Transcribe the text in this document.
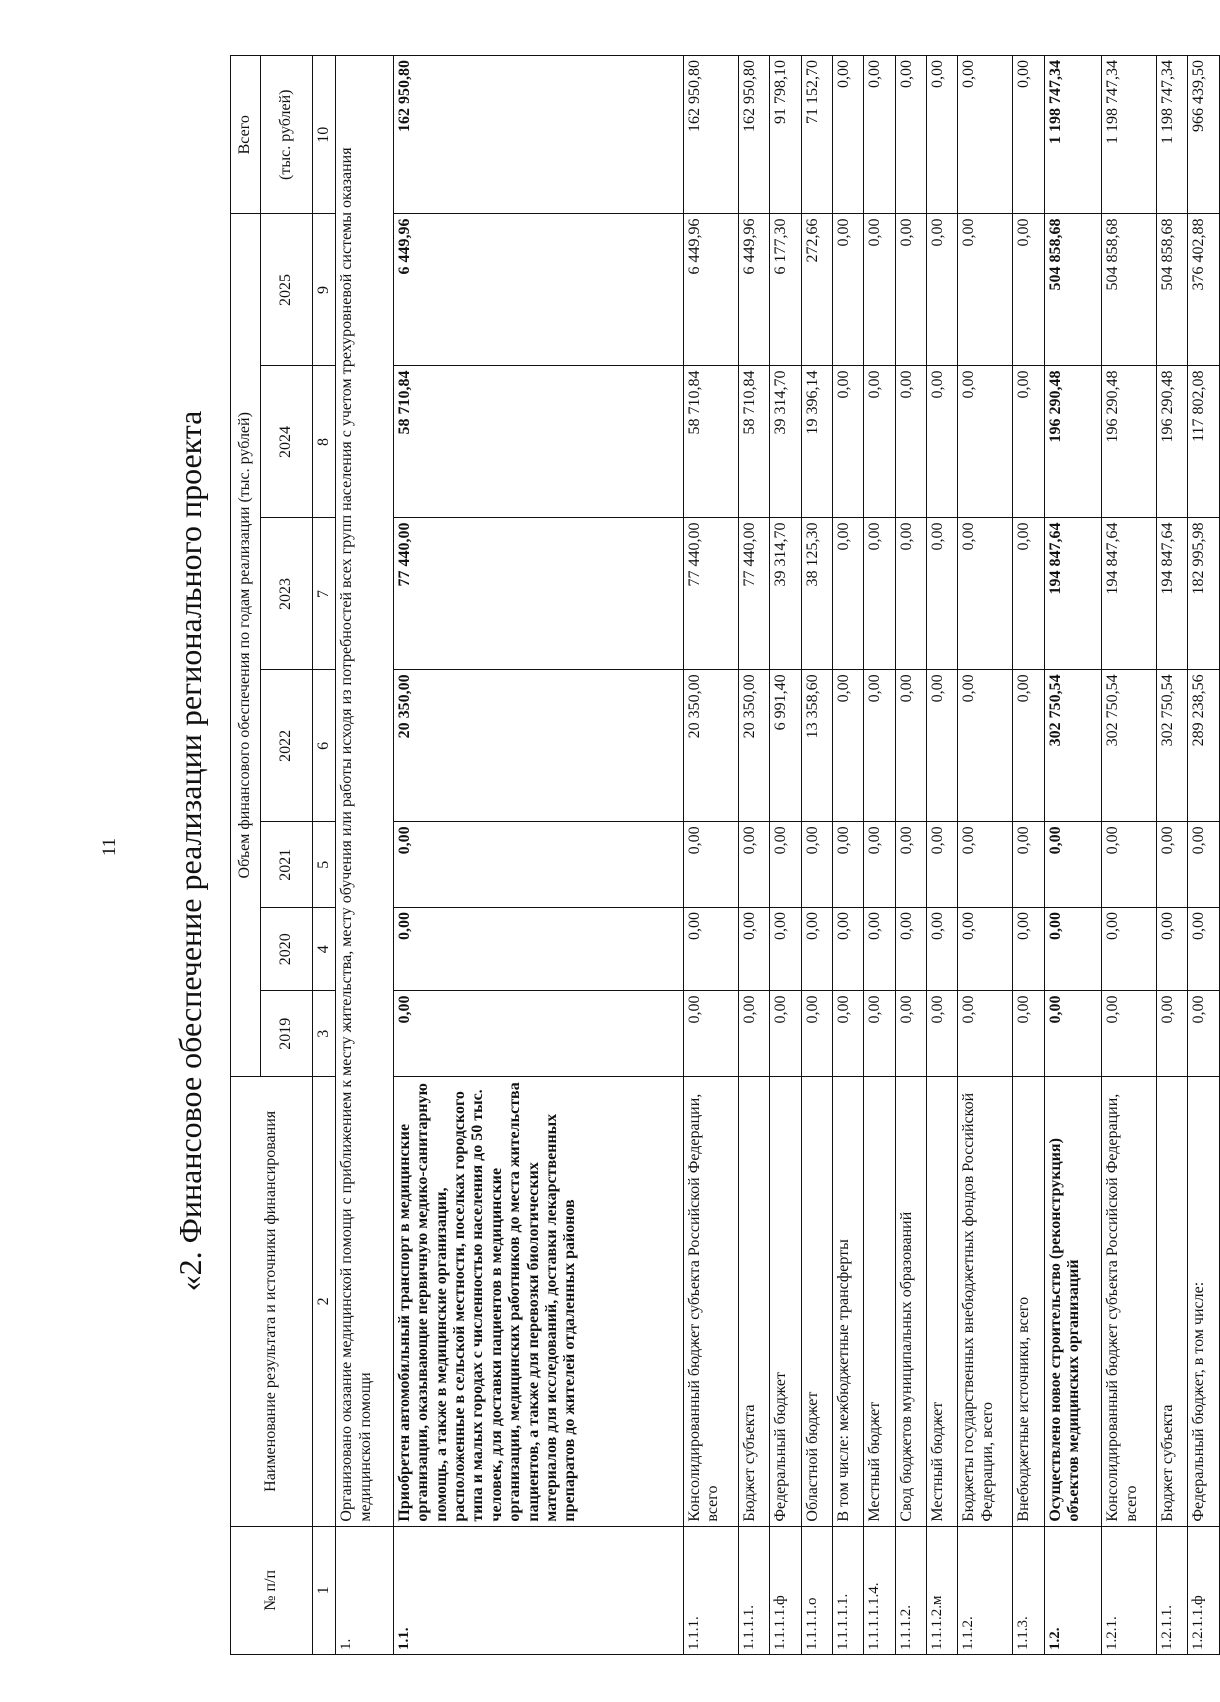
11 «2. Финансовое обеспечение реализации регионального проекта
№ п/п	Наименование результата и источники финансирования	Объем финансового обеспечения по годам реализации (тыс. рублей)							Всего
		2019	2020	2021	2022	2023	2024	2025	(тыс. рублей)
1	2	3	4	5	6	7	8	9	10
1.	Организовано оказание медицинской помощи с приближением к месту жительства, месту обучения или работы исходя из потребностей всех групп населения с учетом трехуровневой системы оказания медицинской помощи								
1.1.	Приобретен автомобильный транспорт в медицинские организации, оказывающие первичную медико-санитарную помощь, а также в медицинские организации, расположенные в сельской местности, поселках городского типа и малых городах с численностью населения до 50 тыс. человек, для доставки пациентов в медицинские организации, медицинских работников до места жительства пациентов, а также для перевозки биологических материалов для исследований, доставки лекарственных препаратов до жителей отдаленных районов	0,00	0,00	0,00	20 350,00	77 440,00	58 710,84	6 449,96	162 950,80
1.1.1.	Консолидированный бюджет субъекта Российской Федерации, всего	0,00	0,00	0,00	20 350,00	77 440,00	58 710,84	6 449,96	162 950,80
1.1.1.1.	Бюджет субъекта	0,00	0,00	0,00	20 350,00	77 440,00	58 710,84	6 449,96	162 950,80
1.1.1.1.ф	Федеральный бюджет	0,00	0,00	0,00	6 991,40	39 314,70	39 314,70	6 177,30	91 798,10
1.1.1.1.о	Областной бюджет	0,00	0,00	0,00	13 358,60	38 125,30	19 396,14	272,66	71 152,70
1.1.1.1.1.	В том числе: межбюджетные трансферты	0,00	0,00	0,00	0,00	0,00	0,00	0,00	0,00
1.1.1.1.1.4.	Местный бюджет	0,00	0,00	0,00	0,00	0,00	0,00	0,00	0,00
1.1.1.2.	Свод бюджетов муниципальных образований	0,00	0,00	0,00	0,00	0,00	0,00	0,00	0,00
1.1.1.2.м	Местный бюджет	0,00	0,00	0,00	0,00	0,00	0,00	0,00	0,00
1.1.2.	Бюджеты государственных внебюджетных фондов Российской Федерации, всего	0,00	0,00	0,00	0,00	0,00	0,00	0,00	0,00
1.1.3.	Внебюджетные источники, всего	0,00	0,00	0,00	0,00	0,00	0,00	0,00	0,00
1.2.	Осуществлено новое строительство (реконструкция) объектов медицинских организаций	0,00	0,00	0,00	302 750,54	194 847,64	196 290,48	504 858,68	1 198 747,34
1.2.1.	Консолидированный бюджет субъекта Российской Федерации, всего	0,00	0,00	0,00	302 750,54	194 847,64	196 290,48	504 858,68	1 198 747,34
1.2.1.1.	Бюджет субъекта	0,00	0,00	0,00	302 750,54	194 847,64	196 290,48	504 858,68	1 198 747,34
1.2.1.1.ф	Федеральный бюджет, в том числе:	0,00	0,00	0,00	289 238,56	182 995,98	117 802,08	376 402,88	966 439,50
